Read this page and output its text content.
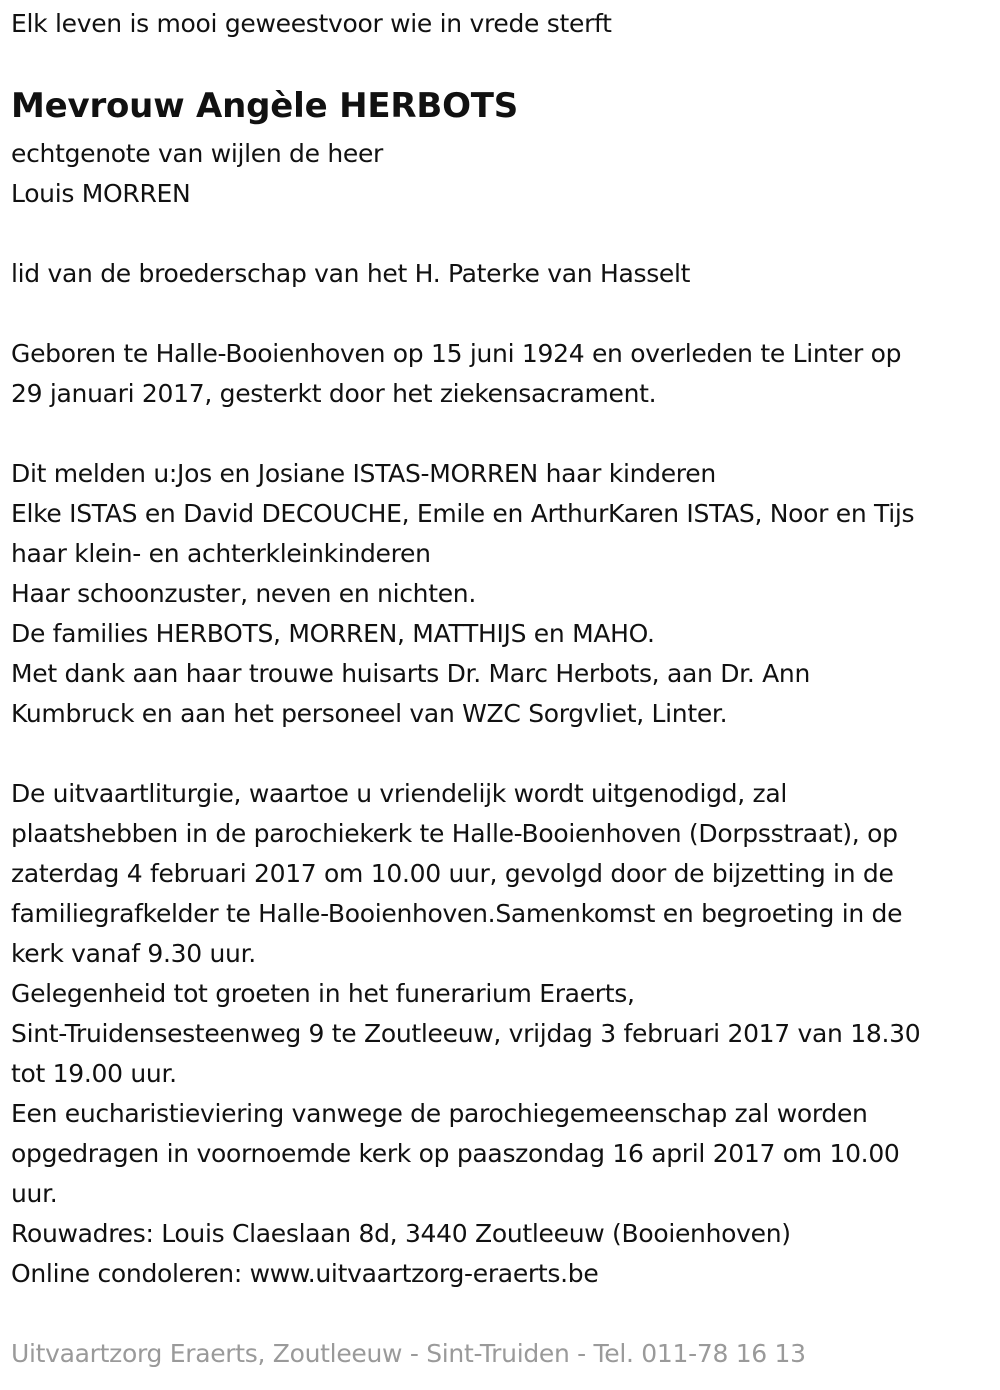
Elk leven is mooi geweestvoor wie in vrede sterft
Mevrouw Angèle HERBOTS
echtgenote van wijlen de heer
Louis MORREN
lid van de broederschap van het H. Paterke van Hasselt
Geboren te Halle-Booienhoven op 15 juni 1924 en overleden te Linter op
29 januari 2017, gesterkt door het ziekensacrament.
Dit melden u:Jos en Josiane ISTAS-MORREN haar kinderen
Elke ISTAS en David DECOUCHE, Emile en ArthurKaren ISTAS, Noor en Tijs
haar klein- en achterkleinkinderen
Haar schoonzuster, neven en nichten.
De families HERBOTS, MORREN, MATTHIJS en MAHO.
Met dank aan haar trouwe huisarts Dr. Marc Herbots, aan Dr. Ann
Kumbruck en aan het personeel van WZC Sorgvliet, Linter.
De uitvaartliturgie, waartoe u vriendelijk wordt uitgenodigd, zal
plaatshebben in de parochiekerk te Halle-Booienhoven (Dorpsstraat), op
zaterdag 4 februari 2017 om 10.00 uur, gevolgd door de bijzetting in de
familiegrafkelder te Halle-Booienhoven.Samenkomst en begroeting in de
kerk vanaf 9.30 uur.
Gelegenheid tot groeten in het funerarium Eraerts,
Sint-Truidensesteenweg 9 te Zoutleeuw, vrijdag 3 februari 2017 van 18.30
tot 19.00 uur.
Een eucharistieviering vanwege de parochiegemeenschap zal worden
opgedragen in voornoemde kerk op paaszondag 16 april 2017 om 10.00
uur.
Rouwadres: Louis Claeslaan 8d, 3440 Zoutleeuw (Booienhoven)
Online condoleren: www.uitvaartzorg-eraerts.be
Uitvaartzorg Eraerts, Zoutleeuw - Sint-Truiden - Tel. 011-78 16 13
